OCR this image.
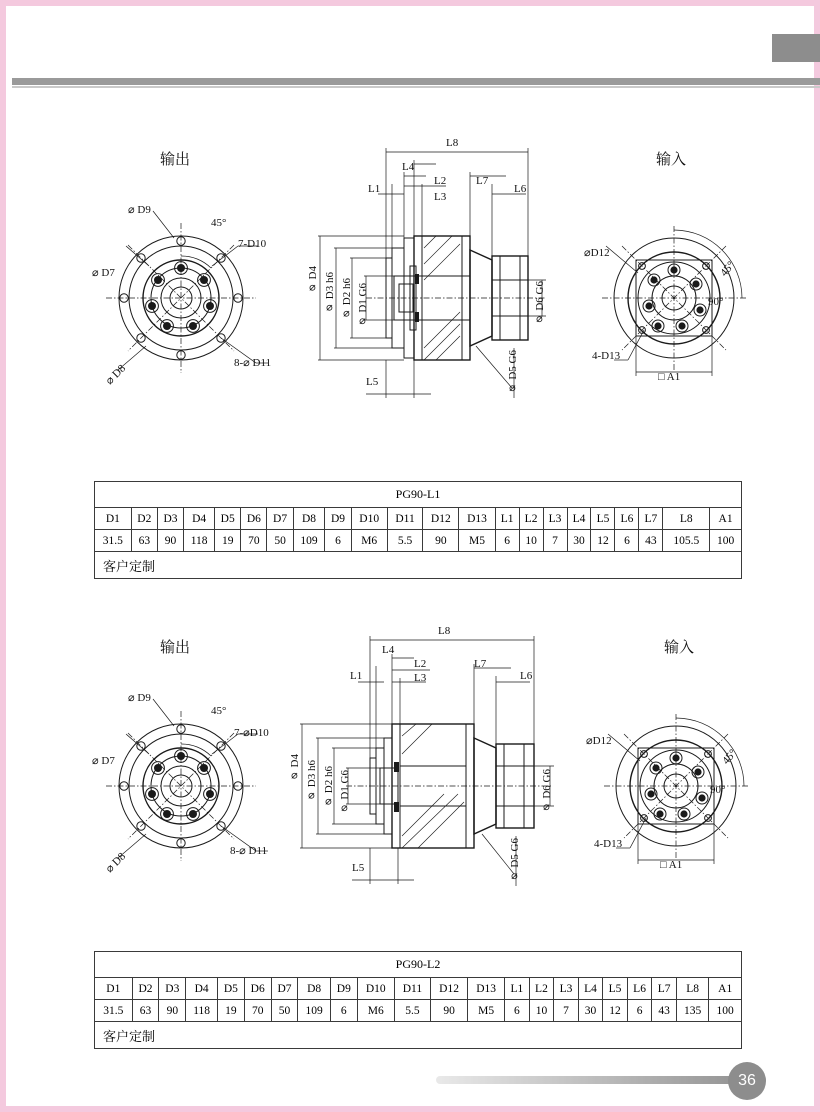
输出	输入
⌀ D9
⌀ D7
⌀ D8
7-D10
8-⌀ D11
45°
⌀ D4 ⌀ D3 h6 ⌀ D2 h6 ⌀ D1 G6	⌀ D6 G6
⌀ D5 G6
L1
L2
L3
L4
L5
L6
L7
L8
⌀D12
4-D13
□ A1
45°
90°
PG90-L1																					
D1	D2	D3	D4	D5	D6	D7	D8	D9	D10	D11	D12	D13	L1	L2	L3	L4	L5	L6	L7	L8	A1
31.5	63	90	118	19	70	50	109	6	M6	5.5	90	M5	6	10	7	30	12	6	43	105.5	100
客户定制																					
输出	输入
⌀ D9
⌀ D7
⌀ D8
7-⌀D10
8-⌀ D11
45°
⌀ D4 ⌀ D3 h6 ⌀ D2 h6 ⌀ D1 G6	⌀ D6 G6
⌀ D5 G6
L1
L2
L3
L4
L5
L6
L7
L8
⌀D12
4-D13
□ A1
45°
90°
PG90-L2																					
D1	D2	D3	D4	D5	D6	D7	D8	D9	D10	D11	D12	D13	L1	L2	L3	L4	L5	L6	L7	L8	A1
31.5	63	90	118	19	70	50	109	6	M6	5.5	90	M5	6	10	7	30	12	6	43	135	100
客户定制																					
36
